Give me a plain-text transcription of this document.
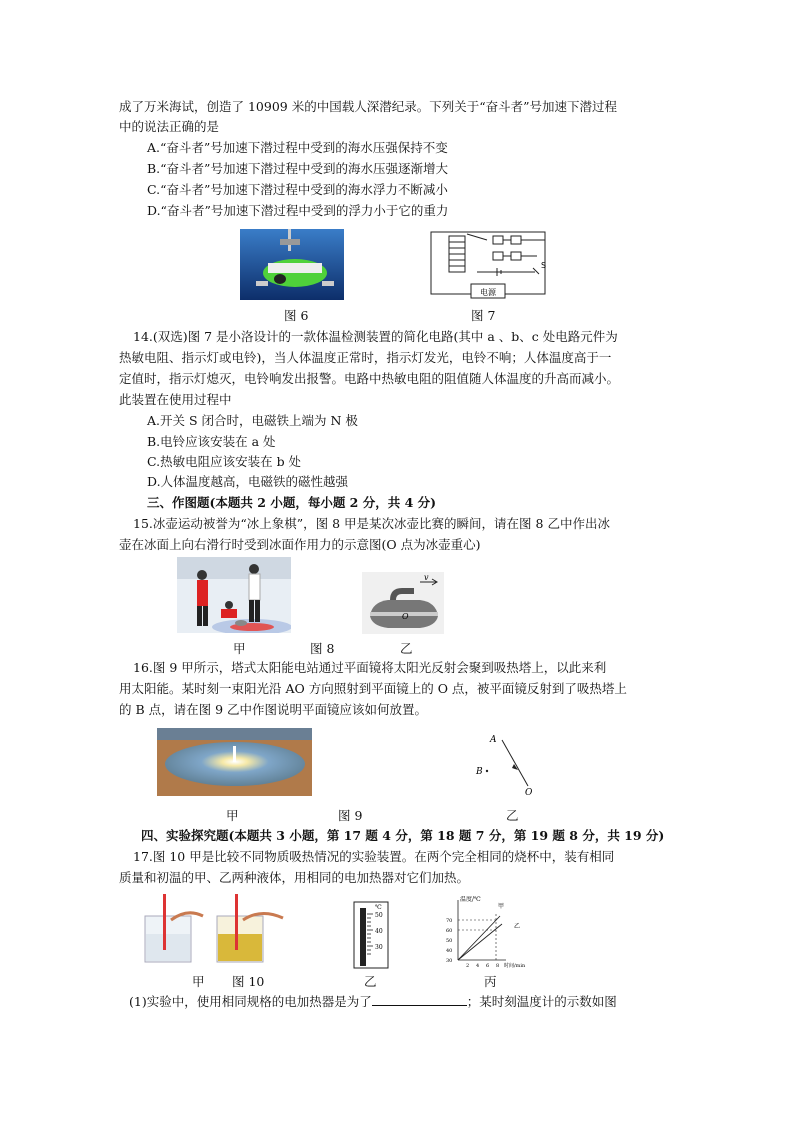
成了万米海试，创造了 10909 米的中国载人深潜纪录。下列关于“奋斗者”号加速下潜过程
中的说法正确的是
A.“奋斗者”号加速下潜过程中受到的海水压强保持不变
B.“奋斗者”号加速下潜过程中受到的海水压强逐渐增大
C.“奋斗者”号加速下潜过程中受到的海水浮力不断减小
D.“奋斗者”号加速下潜过程中受到的浮力小于它的重力
电源
S
图 6	图 7
14.(双选)图 7 是小洛设计的一款体温检测装置的简化电路(其中 a 、b、c 处电路元件为
热敏电阻、指示灯或电铃)，当人体温度正常时，指示灯发光，电铃不响；人体温度高于一
定值时，指示灯熄灭，电铃响发出报警。电路中热敏电阻的阻值随人体温度的升高而减小。
此装置在使用过程中
A.开关 S 闭合时，电磁铁上端为 N 极
B.电铃应该安装在 a 处
C.热敏电阻应该安装在 b 处
D.人体温度越高，电磁铁的磁性越强
三、作图题(本题共 2 小题，每小题 2 分，共 4 分)
15.冰壶运动被誉为“冰上象棋”，图 8 甲是某次冰壶比赛的瞬间，请在图 8 乙中作出冰
壶在冰面上向右滑行时受到冰面作用力的示意图(O 点为冰壶重心)
v
O
甲	图 8	乙
16.图 9 甲所示，塔式太阳能电站通过平面镜将太阳光反射会聚到吸热塔上，以此来利
用太阳能。某时刻一束阳光沿 AO 方向照射到平面镜上的 O 点，被平面镜反射到了吸热塔上
的 B 点，请在图 9 乙中作图说明平面镜应该如何放置。
A
B
O
甲	图 9	乙
四、实验探究题(本题共 3 小题，第 17 题 4 分，第 18 题 7 分，第 19 题 8 分，共 19 分)
17.图 10 甲是比较不同物质吸热情况的实验装置。在两个完全相同的烧杯中，装有相同
质量和初温的甲、乙两种液体，用相同的电加热器对它们加热。
℃
50
40
30
温度/℃
甲
乙
70
60
50
40
30
2 4 6 8 时间/min
甲 图 10	乙	丙
(1)实验中，使用相同规格的电加热器是为了	；某时刻温度计的示数如图
